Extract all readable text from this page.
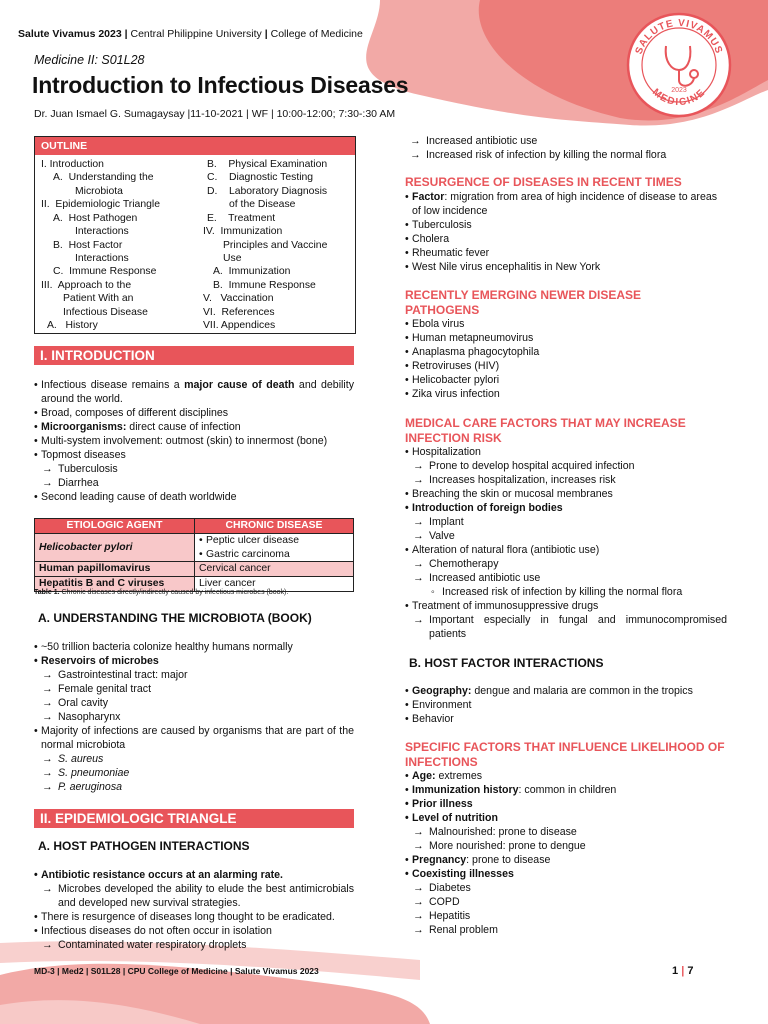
SALUTE VIVAMUS
MEDICINE
2023
Salute Vivamus 2023 | Central Philippine University | College of Medicine
Medicine II: S01L28
Introduction to Infectious Diseases
Dr. Juan Ismael G. Sumagaysay |11-10-2021 | WF | 10:00-12:00; 7:30-:30 AM
OUTLINE
I. Introduction
A.  Understanding the
Microbiota
II.  Epidemiologic Triangle
A.  Host Pathogen
Interactions
B.  Host Factor
Interactions
C.  Immune Response
III.  Approach to the
Patient With an
Infectious Disease
A.   History
B.    Physical Examination
C.    Diagnostic Testing
D.    Laboratory Diagnosis
of the Disease
E.    Treatment
IV.  Immunization
Principles and Vaccine
Use
A.  Immunization
B.  Immune Response
V.   Vaccination
VI.  References
VII. Appendices
I. INTRODUCTION
• Infectious disease remains a major cause of death and debility around the world.
• Broad, composes of different disciplines
• Microorganisms: direct cause of infection
• Multi-system involvement: outmost (skin) to innermost (bone)
• Topmost diseases
→ Tuberculosis
→ Diarrhea
• Second leading cause of death worldwide
ETIOLOGIC AGENT	CHRONIC DISEASE
Helicobacter pylori	• Peptic ulcer disease
• Gastric carcinoma

Human papillomavirus	Cervical cancer
Hepatitis B and C viruses	Liver cancer
Table 1. Chronic diseases directly/indirectly caused by infectious microbes (book).
A. UNDERSTANDING THE MICROBIOTA (BOOK)
• ~50 trillion bacteria colonize healthy humans normally
• Reservoirs of microbes
→ Gastrointestinal tract: major
→ Female genital tract
→ Oral cavity
→ Nasopharynx
• Majority of infections are caused by organisms that are part of the normal microbiota
→ S. aureus
→ S. pneumoniae
→ P. aeruginosa
II. EPIDEMIOLOGIC TRIANGLE
A. HOST PATHOGEN INTERACTIONS
• Antibiotic resistance occurs at an alarming rate.
→ Microbes developed the ability to elude the best antimicrobials and developed new survival strategies.
• There is resurgence of diseases long thought to be eradicated.
• Infectious diseases do not often occur in isolation
→ Contaminated water respiratory droplets
→ Increased antibiotic use
→ Increased risk of infection by killing the normal flora
RESURGENCE OF DISEASES IN RECENT TIMES
• Factor: migration from area of high incidence of disease to areas of low incidence
• Tuberculosis
• Cholera
• Rheumatic fever
• West Nile virus encephalitis in New York
RECENTLY EMERGING NEWER DISEASE PATHOGENS
• Ebola virus
• Human metapneumovirus
• Anaplasma phagocytophila
• Retroviruses (HIV)
• Helicobacter pylori
• Zika virus infection
MEDICAL CARE FACTORS THAT MAY INCREASE INFECTION RISK
• Hospitalization
→ Prone to develop hospital acquired infection
→ Increases hospitalization, increases risk
• Breaching the skin or mucosal membranes
• Introduction of foreign bodies
→ Implant
→ Valve
• Alteration of natural flora (antibiotic use)
→ Chemotherapy
→ Increased antibiotic use
◦ Increased risk of infection by killing the normal flora
• Treatment of immunosuppressive drugs
→ Important especially in fungal and immunocompromised patients
B. HOST FACTOR INTERACTIONS
• Geography: dengue and malaria are common in the tropics
• Environment
• Behavior
SPECIFIC FACTORS THAT INFLUENCE LIKELIHOOD OF INFECTIONS
• Age: extremes
• Immunization history: common in children
• Prior illness
• Level of nutrition
→ Malnourished: prone to disease
→ More nourished: prone to dengue
• Pregnancy: prone to disease
• Coexisting illnesses
→ Diabetes
→ COPD
→ Hepatitis
→ Renal problem
MD-3 | Med2 | S01L28 | CPU College of Medicine | Salute Vivamus 2023	1 | 7
